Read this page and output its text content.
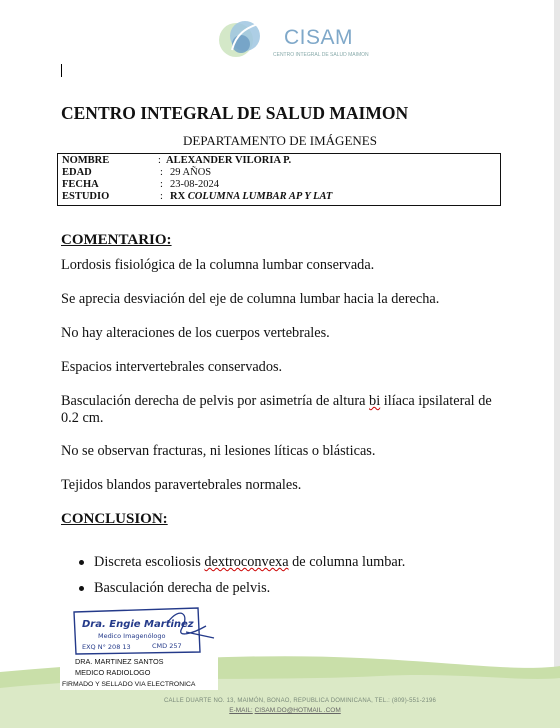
CISAM
CENTRO INTEGRAL DE SALUD MAIMON
CENTRO INTEGRAL DE SALUD MAIMON
DEPARTAMENTO DE IMÁGENES
NOMBRE	: ALEXANDER VILORIA P.
EDAD	: 29 AÑOS
FECHA	: 23-08-2024
ESTUDIO	: RX COLUMNA LUMBAR AP Y LAT
COMENTARIO:
Lordosis fisiológica de la columna lumbar conservada.
Se aprecia desviación del eje de columna lumbar hacia la derecha.
No hay alteraciones de los cuerpos vertebrales.
Espacios intervertebrales conservados.
Basculación derecha de pelvis por asimetría de altura bi ilíaca ipsilateral de 0.2 cm.
No se observan fracturas, ni lesiones líticas o blásticas.
Tejidos blandos paravertebrales normales.
CONCLUSION:
Discreta escoliosis dextroconvexa de columna lumbar.
Basculación derecha de pelvis.
Dra. Engie Martinez
Medico Imagenólogo
EXQ N° 208 13	CMD 257
DRA. MARTINEZ SANTOS
MEDICO RADIOLOGO
FIRMADO Y SELLADO VIA ELECTRONICA
CALLE DUARTE NO. 13, MAIMÓN, BONAO, REPUBLICA DOMINICANA, TEL.: (809)-551-2196
E-MAIL: CISAM.DO@HOTMAIL .COM
